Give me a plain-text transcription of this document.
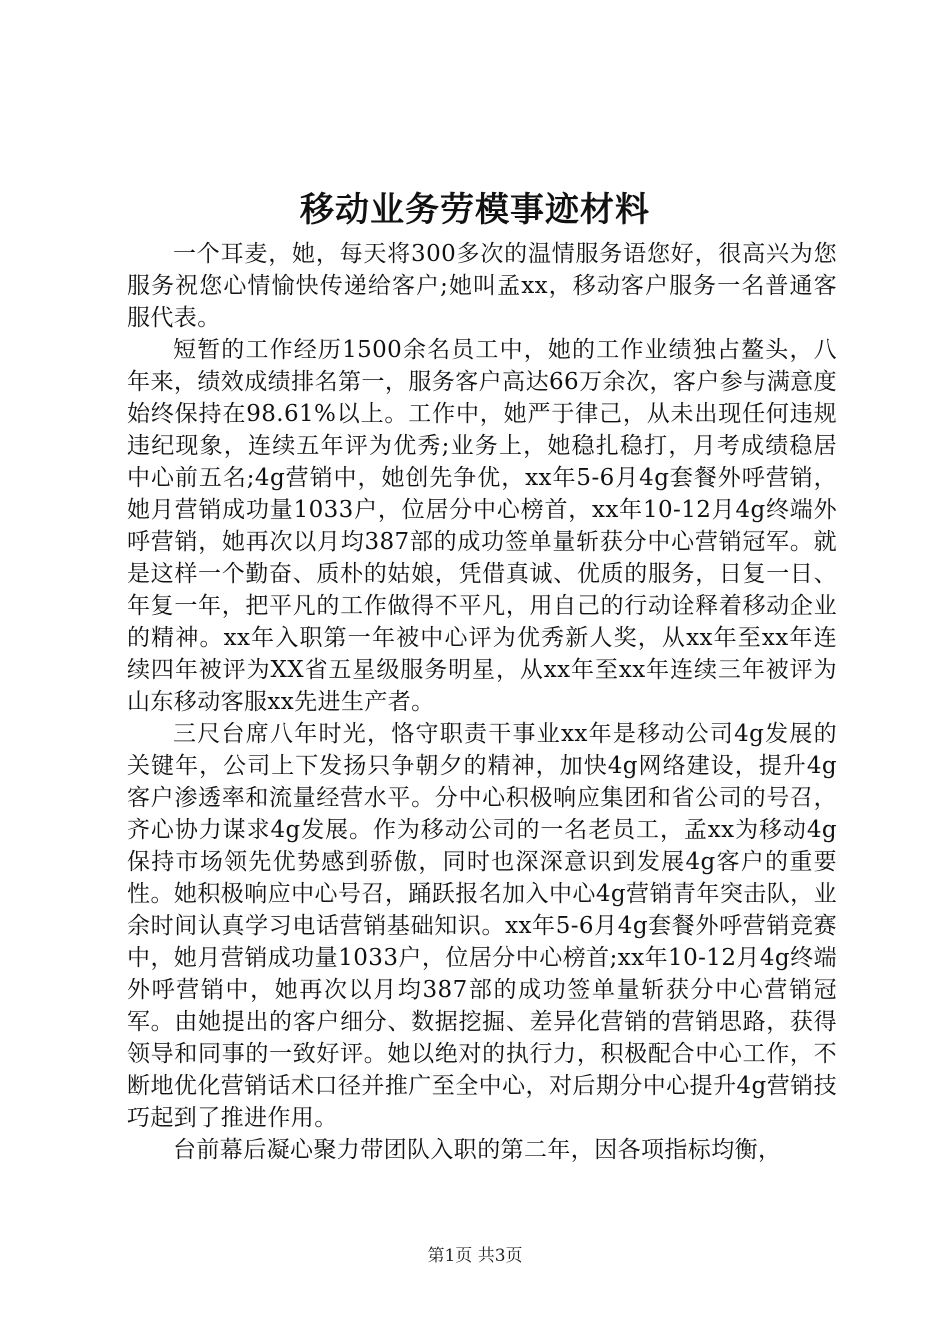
移动业务劳模事迹材料

一个耳麦，她，每天将300多次的温情服务语您好，很高兴为您服务祝您心情愉快传递给客户;她叫孟xx，移动客户服务一名普通客服代表。

短暂的工作经历1500余名员工中，她的工作业绩独占鳌头，八年来，绩效成绩排名第一，服务客户高达66万余次，客户参与满意度始终保持在98.61%以上。工作中，她严于律己，从未出现任何违规违纪现象，连续五年评为优秀;业务上，她稳扎稳打，月考成绩稳居中心前五名;4g营销中，她创先争优，xx年5-6月4g套餐外呼营销，她月营销成功量1033户，位居分中心榜首，xx年10-12月4g终端外呼营销，她再次以月均387部的成功签单量斩获分中心营销冠军。就是这样一个勤奋、质朴的姑娘，凭借真诚、优质的服务，日复一日、年复一年，把平凡的工作做得不平凡，用自己的行动诠释着移动企业的精神。xx年入职第一年被中心评为优秀新人奖，从xx年至xx年连续四年被评为XX省五星级服务明星，从xx年至xx年连续三年被评为山东移动客服xx先进生产者。

三尺台席八年时光，恪守职责干事业xx年是移动公司4g发展的关键年，公司上下发扬只争朝夕的精神，加快4g网络建设，提升4g客户渗透率和流量经营水平。分中心积极响应集团和省公司的号召，齐心协力谋求4g发展。作为移动公司的一名老员工，孟xx为移动4g保持市场领先优势感到骄傲，同时也深深意识到发展4g客户的重要性。她积极响应中心号召，踊跃报名加入中心4g营销青年突击队，业余时间认真学习电话营销基础知识。xx年5-6月4g套餐外呼营销竞赛中，她月营销成功量1033户，位居分中心榜首;xx年10-12月4g终端外呼营销中，她再次以月均387部的成功签单量斩获分中心营销冠军。由她提出的客户细分、数据挖掘、差异化营销的营销思路，获得领导和同事的一致好评。她以绝对的执行力，积极配合中心工作，不断地优化营销话术口径并推广至全中心，对后期分中心提升4g营销技巧起到了推进作用。

台前幕后凝心聚力带团队入职的第二年，因各项指标均衡，

第1页 共3页
